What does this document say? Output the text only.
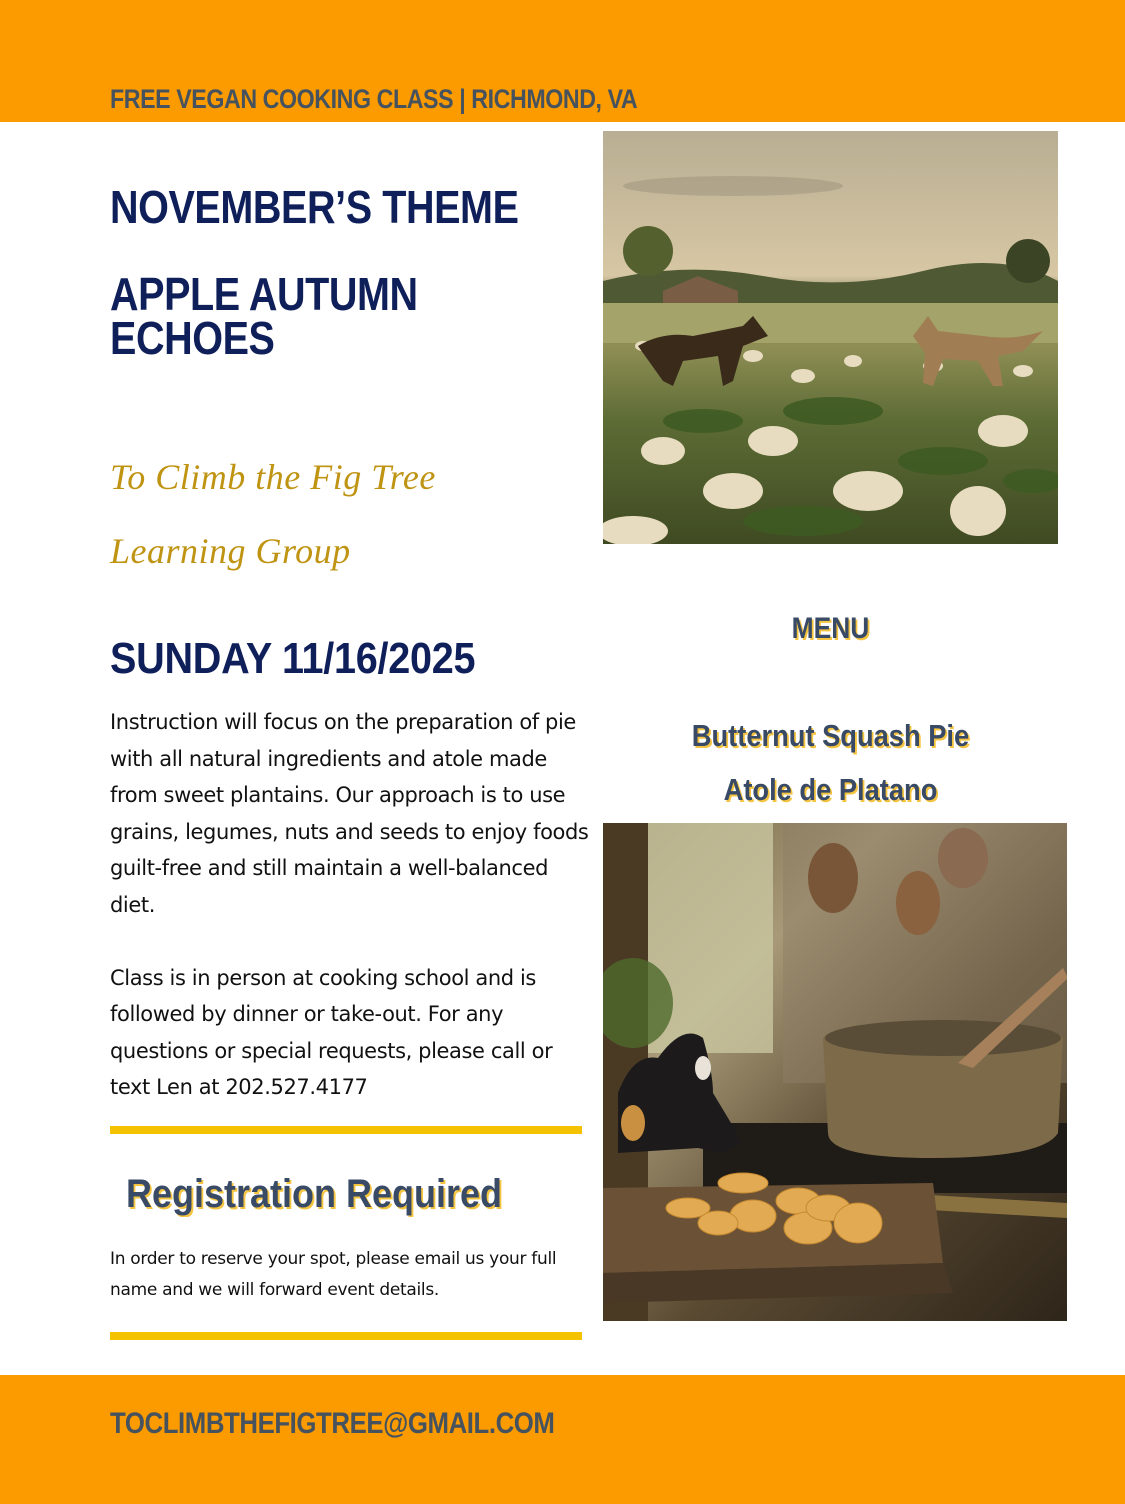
FREE VEGAN COOKING CLASS | RICHMOND, VA
NOVEMBER’S THEME
APPLE AUTUMN
ECHOES
To Climb the Fig Tree
Learning Group
SUNDAY 11/16/2025

Instruction will focus on the preparation of pie with all natural ingredients and atole made from sweet plantains. Our approach is to use grains, legumes, nuts and seeds to enjoy foods guilt-free and still maintain a well-balanced diet.

Class is in person at cooking school and is followed by dinner or take-out. For any questions or special requests, please call or text Len at 202.527.4177

Registration Required
In order to reserve your spot, please email us your full name and we will forward event details.
MENU
Butternut Squash Pie
Atole de Platano
TOCLIMBTHEFIGTREE@GMAIL.COM
